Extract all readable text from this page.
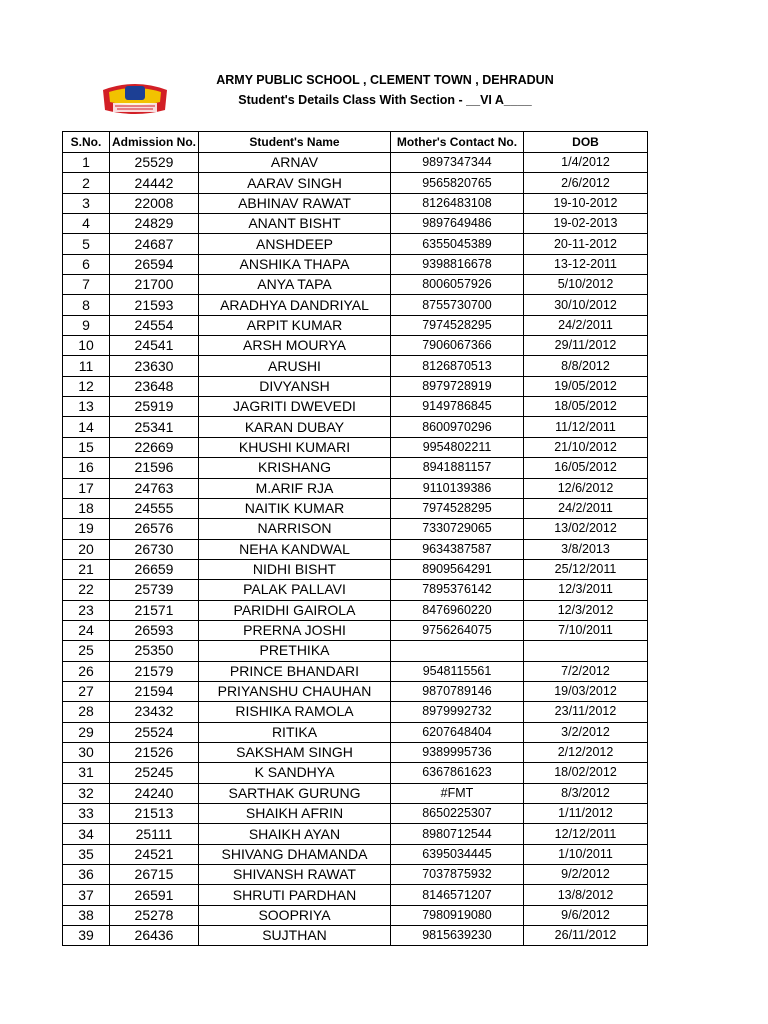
ARMY PUBLIC SCHOOL , CLEMENT TOWN , DEHRADUN
Student's Details Class With Section - __VI A____
S.No.	Admission No.	Student's Name	Mother's Contact No.	DOB
1	25529	ARNAV	9897347344	1/4/2012
2	24442	AARAV SINGH	9565820765	2/6/2012
3	22008	ABHINAV RAWAT	8126483108	19-10-2012
4	24829	ANANT BISHT	9897649486	19-02-2013
5	24687	ANSHDEEP	6355045389	20-11-2012
6	26594	ANSHIKA THAPA	9398816678	13-12-2011
7	21700	ANYA TAPA	8006057926	5/10/2012
8	21593	ARADHYA DANDRIYAL	8755730700	30/10/2012
9	24554	ARPIT KUMAR	7974528295	24/2/2011
10	24541	ARSH MOURYA	7906067366	29/11/2012
11	23630	ARUSHI	8126870513	8/8/2012
12	23648	DIVYANSH	8979728919	19/05/2012
13	25919	JAGRITI DWEVEDI	9149786845	18/05/2012
14	25341	KARAN DUBAY	8600970296	11/12/2011
15	22669	KHUSHI KUMARI	9954802211	21/10/2012
16	21596	KRISHANG	8941881157	16/05/2012
17	24763	M.ARIF RJA	9110139386	12/6/2012
18	24555	NAITIK KUMAR	7974528295	24/2/2011
19	26576	NARRISON	7330729065	13/02/2012
20	26730	NEHA KANDWAL	9634387587	3/8/2013
21	26659	NIDHI BISHT	8909564291	25/12/2011
22	25739	PALAK PALLAVI	7895376142	12/3/2011
23	21571	PARIDHI GAIROLA	8476960220	12/3/2012
24	26593	PRERNA JOSHI	9756264075	7/10/2011
25	25350	PRETHIKA		
26	21579	PRINCE BHANDARI	9548115561	7/2/2012
27	21594	PRIYANSHU CHAUHAN	9870789146	19/03/2012
28	23432	RISHIKA RAMOLA	8979992732	23/11/2012
29	25524	RITIKA	6207648404	3/2/2012
30	21526	SAKSHAM SINGH	9389995736	2/12/2012
31	25245	K SANDHYA	6367861623	18/02/2012
32	24240	SARTHAK GURUNG	#FMT	8/3/2012
33	21513	SHAIKH AFRIN	8650225307	1/11/2012
34	25111	SHAIKH AYAN	8980712544	12/12/2011
35	24521	SHIVANG DHAMANDA	6395034445	1/10/2011
36	26715	SHIVANSH RAWAT	7037875932	9/2/2012
37	26591	SHRUTI PARDHAN	8146571207	13/8/2012
38	25278	SOOPRIYA	7980919080	9/6/2012
39	26436	SUJTHAN	9815639230	26/11/2012
